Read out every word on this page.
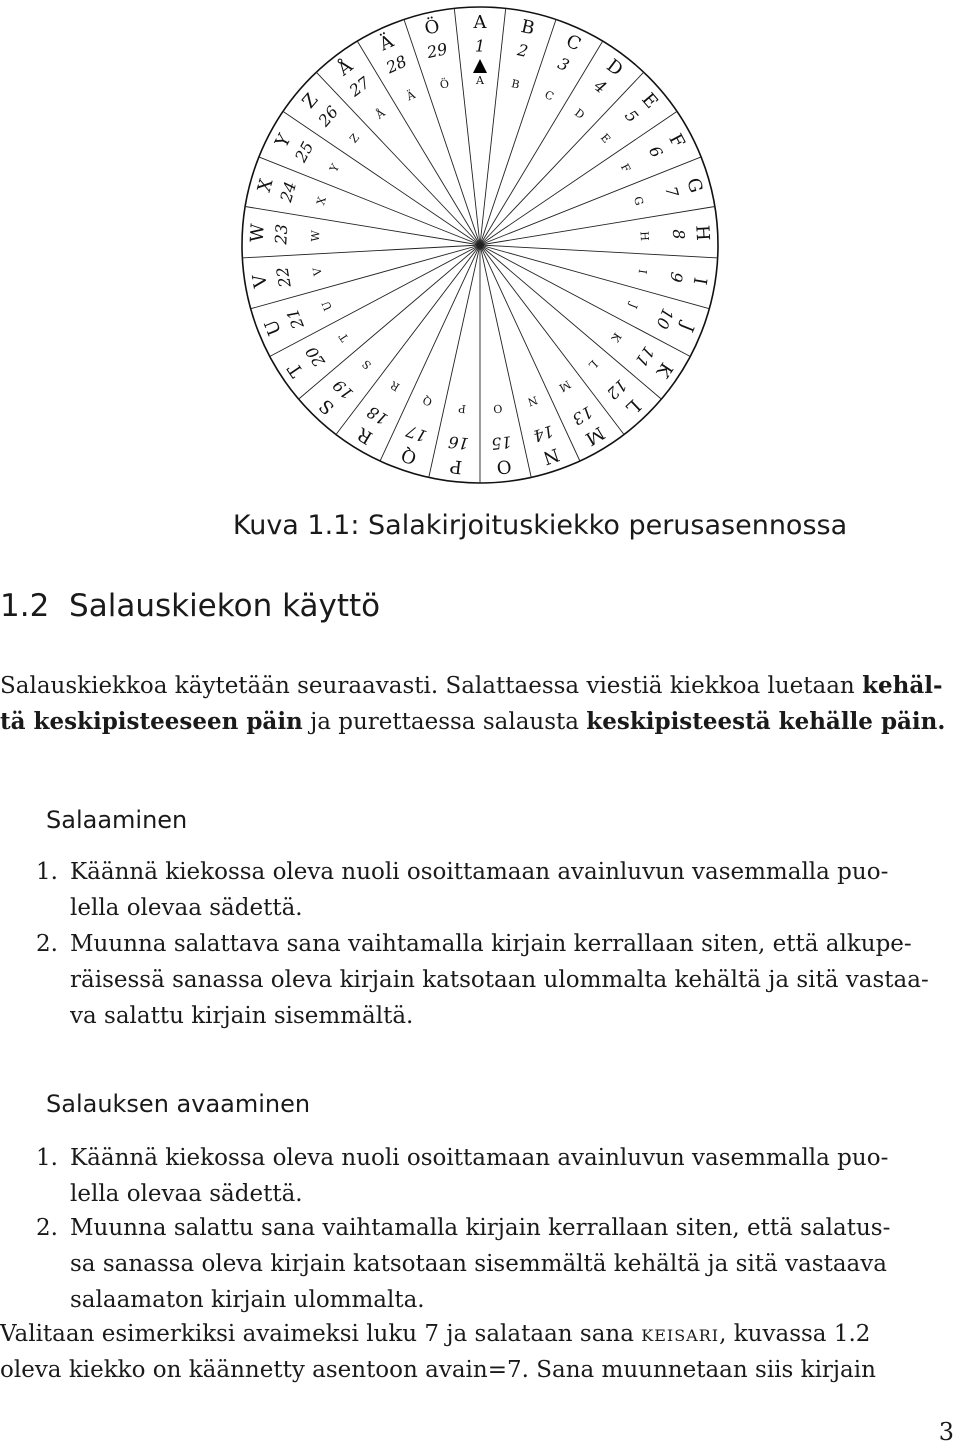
A
1
A
B
2
B
C
3
C
D
4
D
E
5
E	F
6
F
G
7
G
H
8
H
I
9
I
J
10
J
K
11
K
L
12
L
M
13
M
N
14
N
O
15
O
P
16
P
Q
17
Q
R
18
R
S
19
S
T
20
T
U
21 U
V 22 V
W 23 W
X
24 X
Y
25
Y
Z
26
Z
Å
27
Å
Ä
28
Ä
Ö
29
Ö
Kuva 1.1: Salakirjoituskiekko perusasennossa
1.2 Salauskiekon käyttö
Salauskiekkoa käytetään seuraavasti. Salattaessa viestiä kiekkoa luetaan kehäl-
tä keskipisteeseen päin ja purettaessa salausta keskipisteestä kehälle päin.
Salaaminen
1. Käännä kiekossa oleva nuoli osoittamaan avainluvun vasemmalla puo-
lella olevaa sädettä.
2. Muunna salattava sana vaihtamalla kirjain kerrallaan siten, että alkupe-
räisessä sanassa oleva kirjain katsotaan ulommalta kehältä ja sitä vastaa-
va salattu kirjain sisemmältä.
Salauksen avaaminen
1. Käännä kiekossa oleva nuoli osoittamaan avainluvun vasemmalla puo-
lella olevaa sädettä.
2. Muunna salattu sana vaihtamalla kirjain kerrallaan siten, että salatus-
sa sanassa oleva kirjain katsotaan sisemmältä kehältä ja sitä vastaava
salaamaton kirjain ulommalta.
Valitaan esimerkiksi avaimeksi luku 7 ja salataan sana keisari, kuvassa 1.2
oleva kiekko on käännetty asentoon avain=7. Sana muunnetaan siis kirjain
3
